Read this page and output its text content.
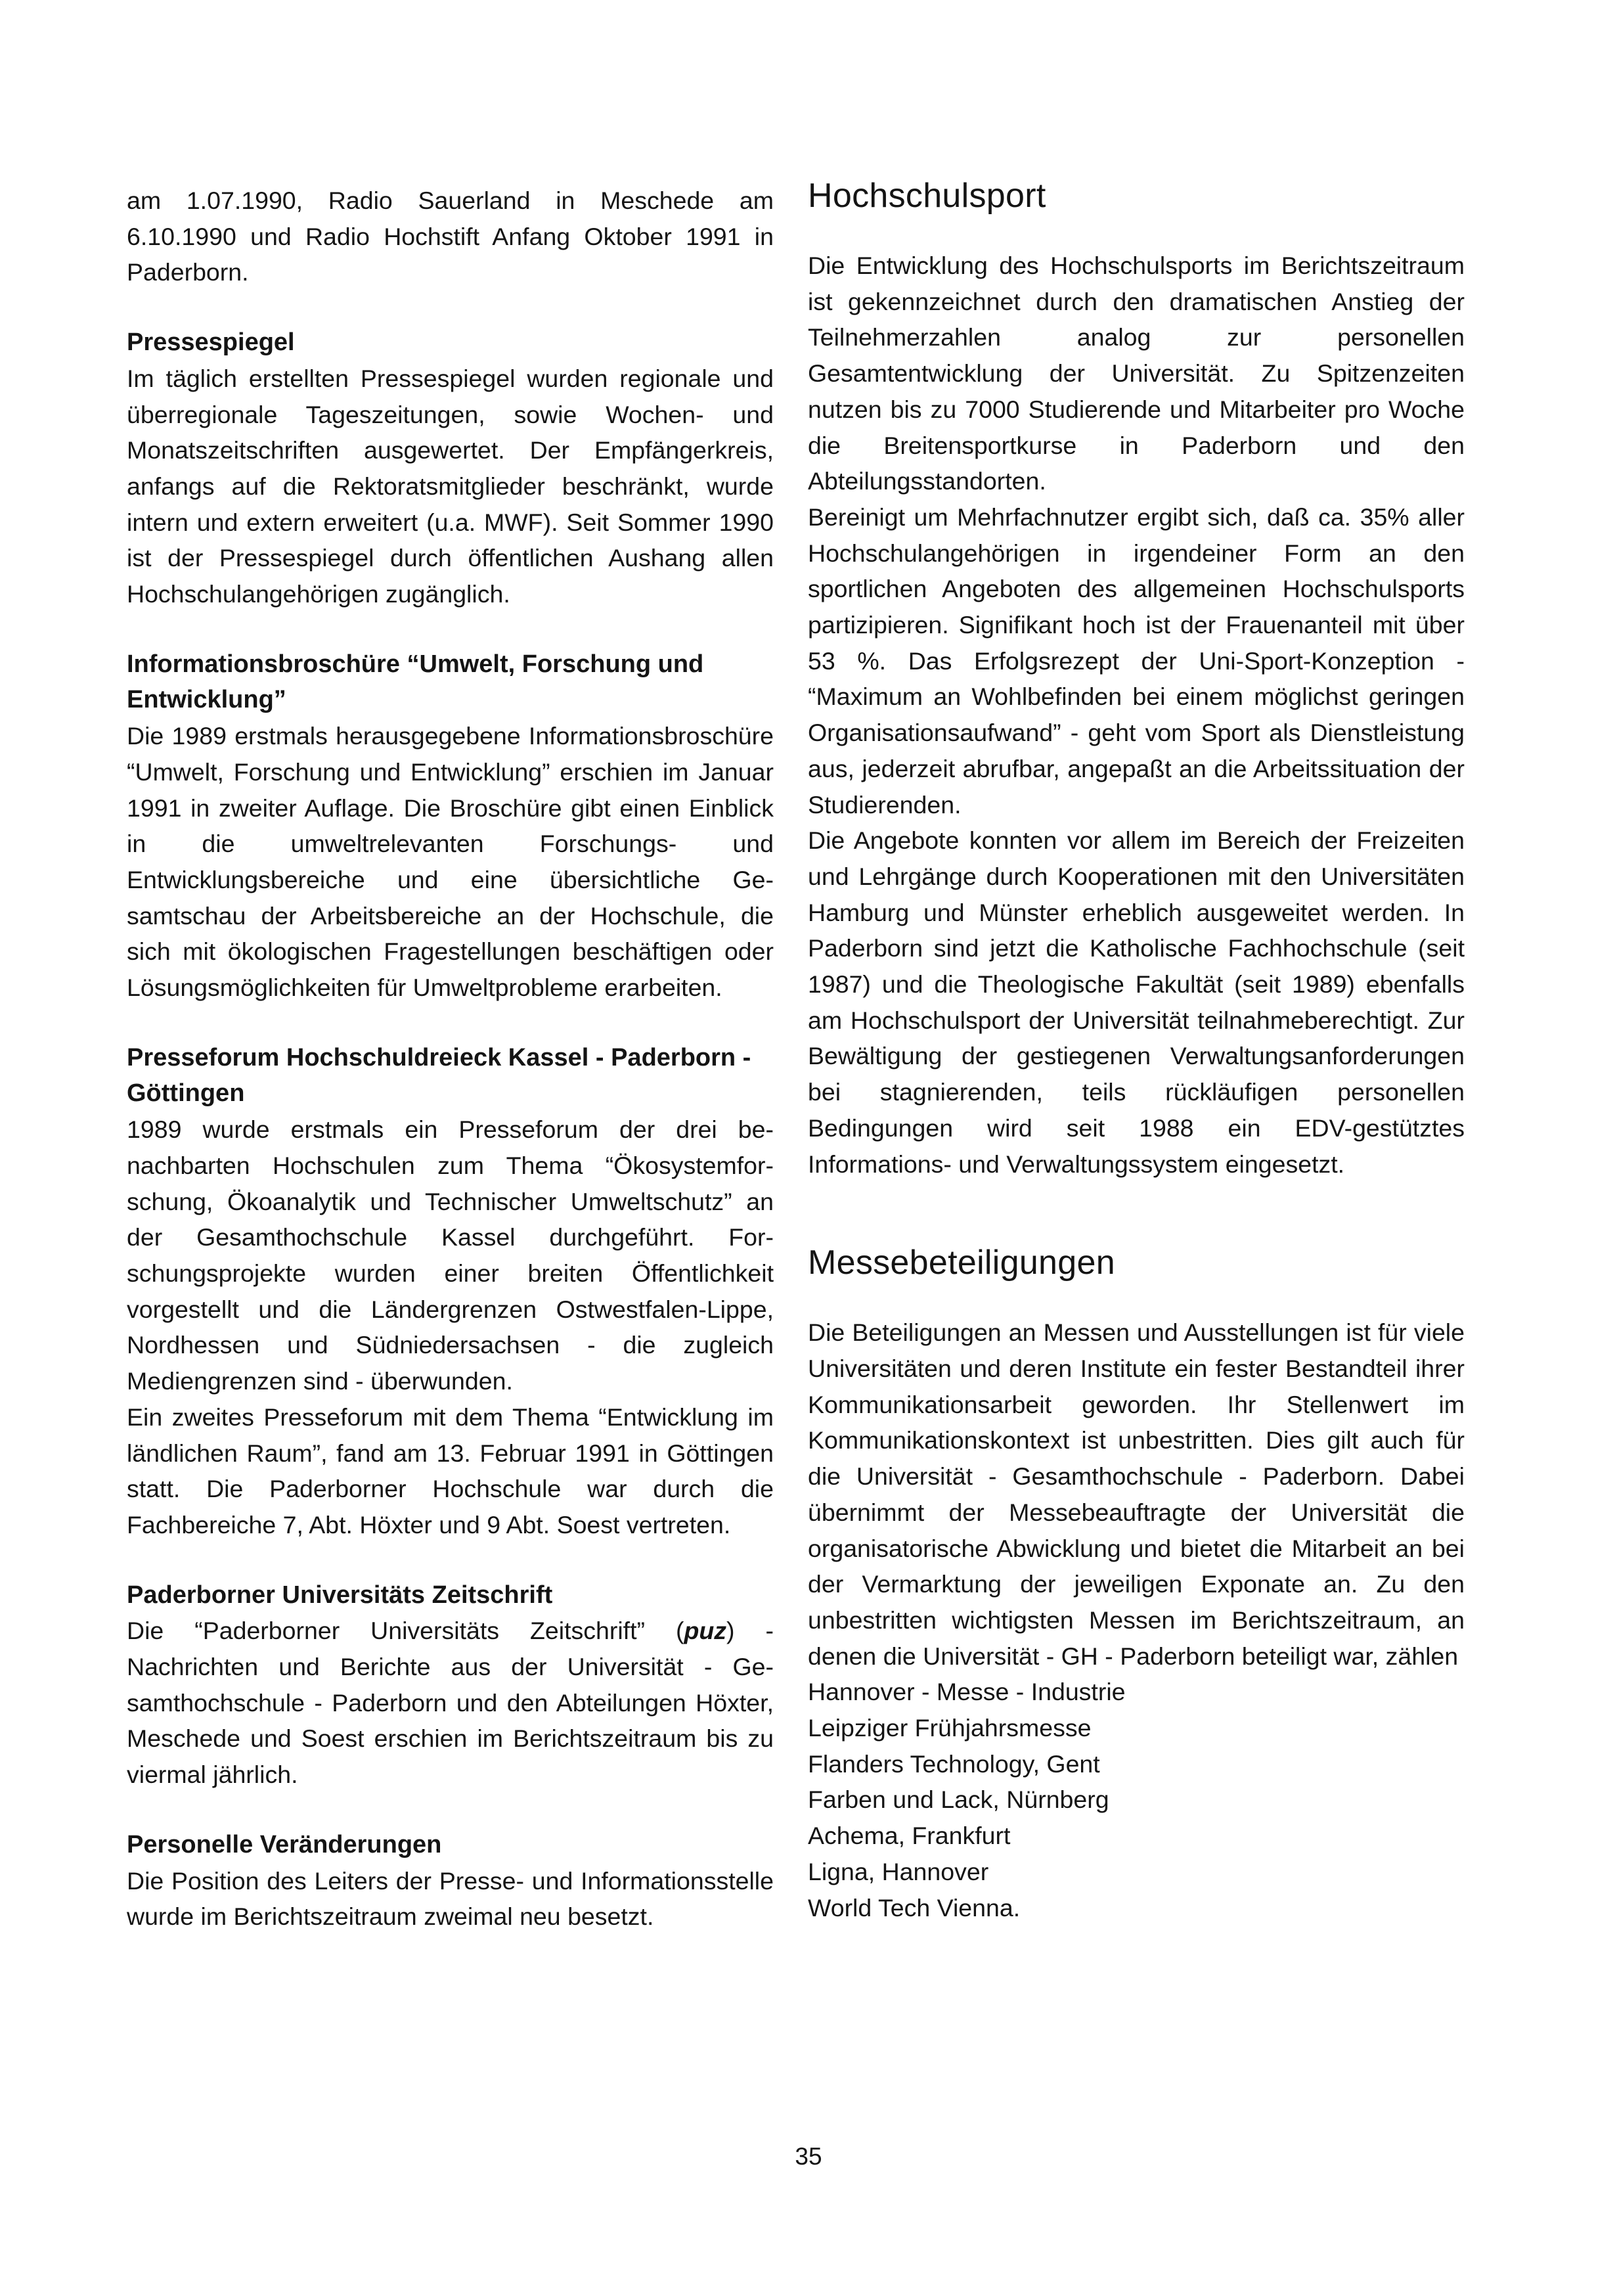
am 1.07.1990, Radio Sauerland in Meschede am 6.10.1990 und Radio Hochstift Anfang Oktober 1991 in Paderborn.

Pressespiegel

Im täglich erstellten Pressespiegel wurden regionale und überregionale Tageszeitungen, sowie Wochen- und Monatszeitschriften ausgewertet. Der Empfängerkreis, anfangs auf die Rektoratsmitglieder beschränkt, wurde intern und extern erweitert (u.a. MWF). Seit Sommer 1990 ist der Pressespiegel durch öffentlichen Aushang allen Hochschulangehörigen zugänglich.

Informationsbroschüre “Umwelt, Forschung und Entwicklung”

Die 1989 erstmals herausgegebene Informationsbroschüre “Umwelt, Forschung und Entwicklung” erschien im Januar 1991 in zweiter Auflage. Die Broschüre gibt einen Einblick in die umweltrelevanten Forschungs- und Entwicklungsbereiche und eine übersichtliche Gesamtschau der Arbeitsbereiche an der Hochschule, die sich mit ökologischen Fragestellungen beschäftigen oder Lösungsmöglichkeiten für Umweltprobleme erarbeiten.

Presseforum Hochschuldreieck Kassel - Paderborn - Göttingen

1989 wurde erstmals ein Presseforum der drei benachbarten Hochschulen zum Thema “Ökosystemforschung, Ökoanalytik und Technischer Umweltschutz” an der Gesamthochschule Kassel durchgeführt. Forschungsprojekte wurden einer breiten Öffentlichkeit vorgestellt und die Ländergrenzen Ostwestfalen-Lippe, Nordhessen und Südniedersachsen - die zugleich Mediengrenzen sind - überwunden.

Ein zweites Presseforum mit dem Thema “Entwicklung im ländlichen Raum”, fand am 13. Februar 1991 in Göttingen statt. Die Paderborner Hochschule war durch die Fachbereiche 7, Abt. Höxter und 9 Abt. Soest vertreten.

Paderborner Universitäts Zeitschrift

Die “Paderborner Universitäts Zeitschrift” (puz) - Nachrichten und Berichte aus der Universität - Gesamthochschule - Paderborn und den Abteilungen Höxter, Meschede und Soest erschien im Berichtszeitraum bis zu viermal jährlich.

Personelle Veränderungen

Die Position des Leiters der Presse- und Informationsstelle wurde im Berichtszeitraum zweimal neu besetzt.

Hochschulsport

Die Entwicklung des Hochschulsports im Berichtszeitraum ist gekennzeichnet durch den dramatischen Anstieg der Teilnehmerzahlen analog zur personellen Gesamtentwicklung der Universität. Zu Spitzenzeiten nutzen bis zu 7000 Studierende und Mitarbeiter pro Woche die Breitensportkurse in Paderborn und den Abteilungsstandorten.

Bereinigt um Mehrfachnutzer ergibt sich, daß ca. 35% aller Hochschulangehörigen in irgendeiner Form an den sportlichen Angeboten des allgemeinen Hochschulsports partizipieren. Signifikant hoch ist der Frauenanteil mit über 53 %. Das Erfolgsrezept der Uni-Sport-Konzeption - “Maximum an Wohlbefinden bei einem möglichst geringen Organisationsaufwand” - geht vom Sport als Dienstleistung aus, jederzeit abrufbar, angepaßt an die Arbeitssituation der Studierenden.

Die Angebote konnten vor allem im Bereich der Freizeiten und Lehrgänge durch Kooperationen mit den Universitäten Hamburg und Münster erheblich ausgeweitet werden. In Paderborn sind jetzt die Katholische Fachhochschule (seit 1987) und die Theologische Fakultät (seit 1989) ebenfalls am Hochschulsport der Universität teilnahmeberechtigt. Zur Bewältigung der gestiegenen Verwaltungsanforderungen bei stagnierenden, teils rückläufigen personellen Bedingungen wird seit 1988 ein EDV-gestütztes Informations- und Verwaltungssystem eingesetzt.

Messebeteiligungen

Die Beteiligungen an Messen und Ausstellungen ist für viele Universitäten und deren Institute ein fester Bestandteil ihrer Kommunikationsarbeit geworden. Ihr Stellenwert im Kommunikationskontext ist unbestritten. Dies gilt auch für die Universität - Gesamthochschule - Paderborn. Dabei übernimmt der Messebeauftragte der Universität die organisatorische Abwicklung und bietet die Mitarbeit an bei der Vermarktung der jeweiligen Exponate an. Zu den unbestritten wichtigsten Messen im Berichtszeitraum, an denen die Universität - GH - Paderborn beteiligt war, zählen

Hannover - Messe - Industrie
Leipziger Frühjahrsmesse
Flanders Technology, Gent
Farben und Lack, Nürnberg
Achema, Frankfurt
Ligna, Hannover
World Tech Vienna.
35
